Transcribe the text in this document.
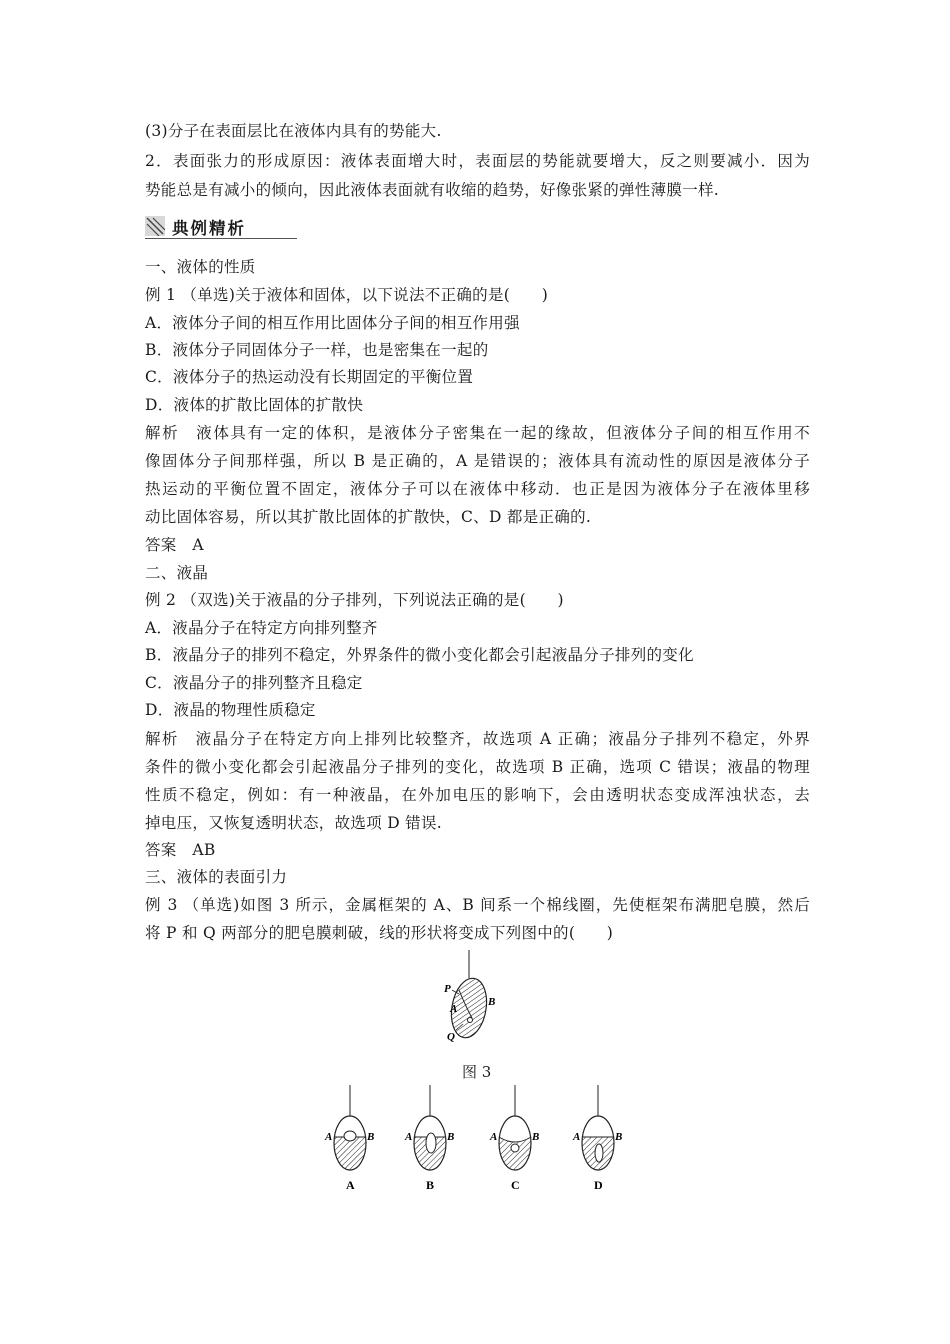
(3)分子在表面层比在液体内具有的势能大.
2．表面张力的形成原因：液体表面增大时，表面层的势能就要增大，反之则要减小．因为
势能总是有减小的倾向，因此液体表面就有收缩的趋势，好像张紧的弹性薄膜一样.
典例精析
一、液体的性质
例 1 （单选)关于液体和固体，以下说法不正确的是(　　)
A．液体分子间的相互作用比固体分子间的相互作用强
B．液体分子同固体分子一样，也是密集在一起的
C．液体分子的热运动没有长期固定的平衡位置
D．液体的扩散比固体的扩散快
解析　液体具有一定的体积，是液体分子密集在一起的缘故，但液体分子间的相互作用不
像固体分子间那样强，所以 B 是正确的，A 是错误的；液体具有流动性的原因是液体分子
热运动的平衡位置不固定，液体分子可以在液体中移动．也正是因为液体分子在液体里移
动比固体容易，所以其扩散比固体的扩散快，C、D 都是正确的.
答案　A
二、液晶
例 2 （双选)关于液晶的分子排列，下列说法正确的是(　　)
A．液晶分子在特定方向排列整齐
B．液晶分子的排列不稳定，外界条件的微小变化都会引起液晶分子排列的变化
C．液晶分子的排列整齐且稳定
D．液晶的物理性质稳定
解析　液晶分子在特定方向上排列比较整齐，故选项 A 正确；液晶分子排列不稳定，外界
条件的微小变化都会引起液晶分子排列的变化，故选项 B 正确，选项 C 错误；液晶的物理
性质不稳定，例如：有一种液晶，在外加电压的影响下，会由透明状态变成浑浊状态，去
掉电压，又恢复透明状态，故选项 D 错误.
答案　AB
三、液体的表面引力
例 3 （单选)如图 3 所示，金属框架的 A、B 间系一个棉线圈，先使框架布满肥皂膜，然后
将 P 和 Q 两部分的肥皂膜刺破，线的形状将变成下列图中的(　　)
P
A
B
Q
图 3
A	B	A	B	A	B	A	B
A	B	C	D
